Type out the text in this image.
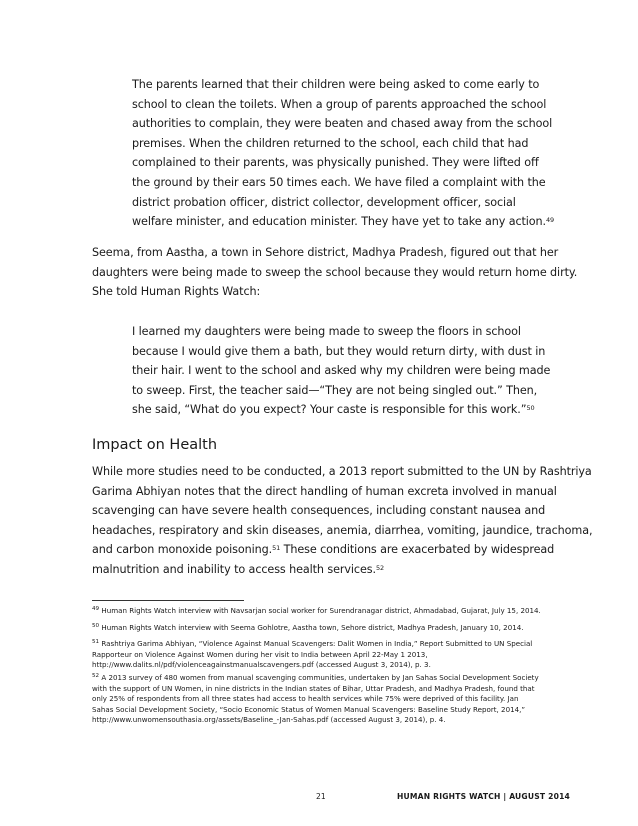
The parents learned that their children were being asked to come early to
school to clean the toilets. When a group of parents approached the school
authorities to complain, they were beaten and chased away from the school
premises. When the children returned to the school, each child that had
complained to their parents, was physically punished. They were lifted off
the ground by their ears 50 times each. We have filed a complaint with the
district probation officer, district collector, development officer, social
welfare minister, and education minister. They have yet to take any action.$^{49}$
Seema, from Aastha, a town in Sehore district, Madhya Pradesh, figured out that her
daughters were being made to sweep the school because they would return home dirty.
She told Human Rights Watch:
I learned my daughters were being made to sweep the floors in school
because I would give them a bath, but they would return dirty, with dust in
their hair. I went to the school and asked why my children were being made
to sweep. First, the teacher said—“They are not being singled out.” Then,
she said, “What do you expect? Your caste is responsible for this work.”$^{50}$
Impact on Health
While more studies need to be conducted, a 2013 report submitted to the UN by Rashtriya
Garima Abhiyan notes that the direct handling of human excreta involved in manual
scavenging can have severe health consequences, including constant nausea and
headaches, respiratory and skin diseases, anemia, diarrhea, vomiting, jaundice, trachoma,
and carbon monoxide poisoning.$^{51}$ These conditions are exacerbated by widespread
malnutrition and inability to access health services.$^{52}$
$^{49}$ Human Rights Watch interview with Navsarjan social worker for Surendranagar district, Ahmadabad, Gujarat, July 15, 2014.
$^{50}$ Human Rights Watch interview with Seema Gohlotre, Aastha town, Sehore district, Madhya Pradesh, January 10, 2014.
$^{51}$ Rashtriya Garima Abhiyan, “Violence Against Manual Scavengers: Dalit Women in India,” Report Submitted to UN Special
Rapporteur on Violence Against Women during her visit to India between April 22-May 1 2013,
http://www.dalits.nl/pdf/violenceagainstmanualscavengers.pdf (accessed August 3, 2014), p. 3.
$^{52}$ A 2013 survey of 480 women from manual scavenging communities, undertaken by Jan Sahas Social Development Society
with the support of UN Women, in nine districts in the Indian states of Bihar, Uttar Pradesh, and Madhya Pradesh, found that
only 25% of respondents from all three states had access to health services while 75% were deprived of this facility. Jan
Sahas Social Development Society, “Socio Economic Status of Women Manual Scavengers: Baseline Study Report, 2014,”
http://www.unwomensouthasia.org/assets/Baseline_-Jan-Sahas.pdf (accessed August 3, 2014), p. 4.
21	HUMAN RIGHTS WATCH | AUGUST 2014
